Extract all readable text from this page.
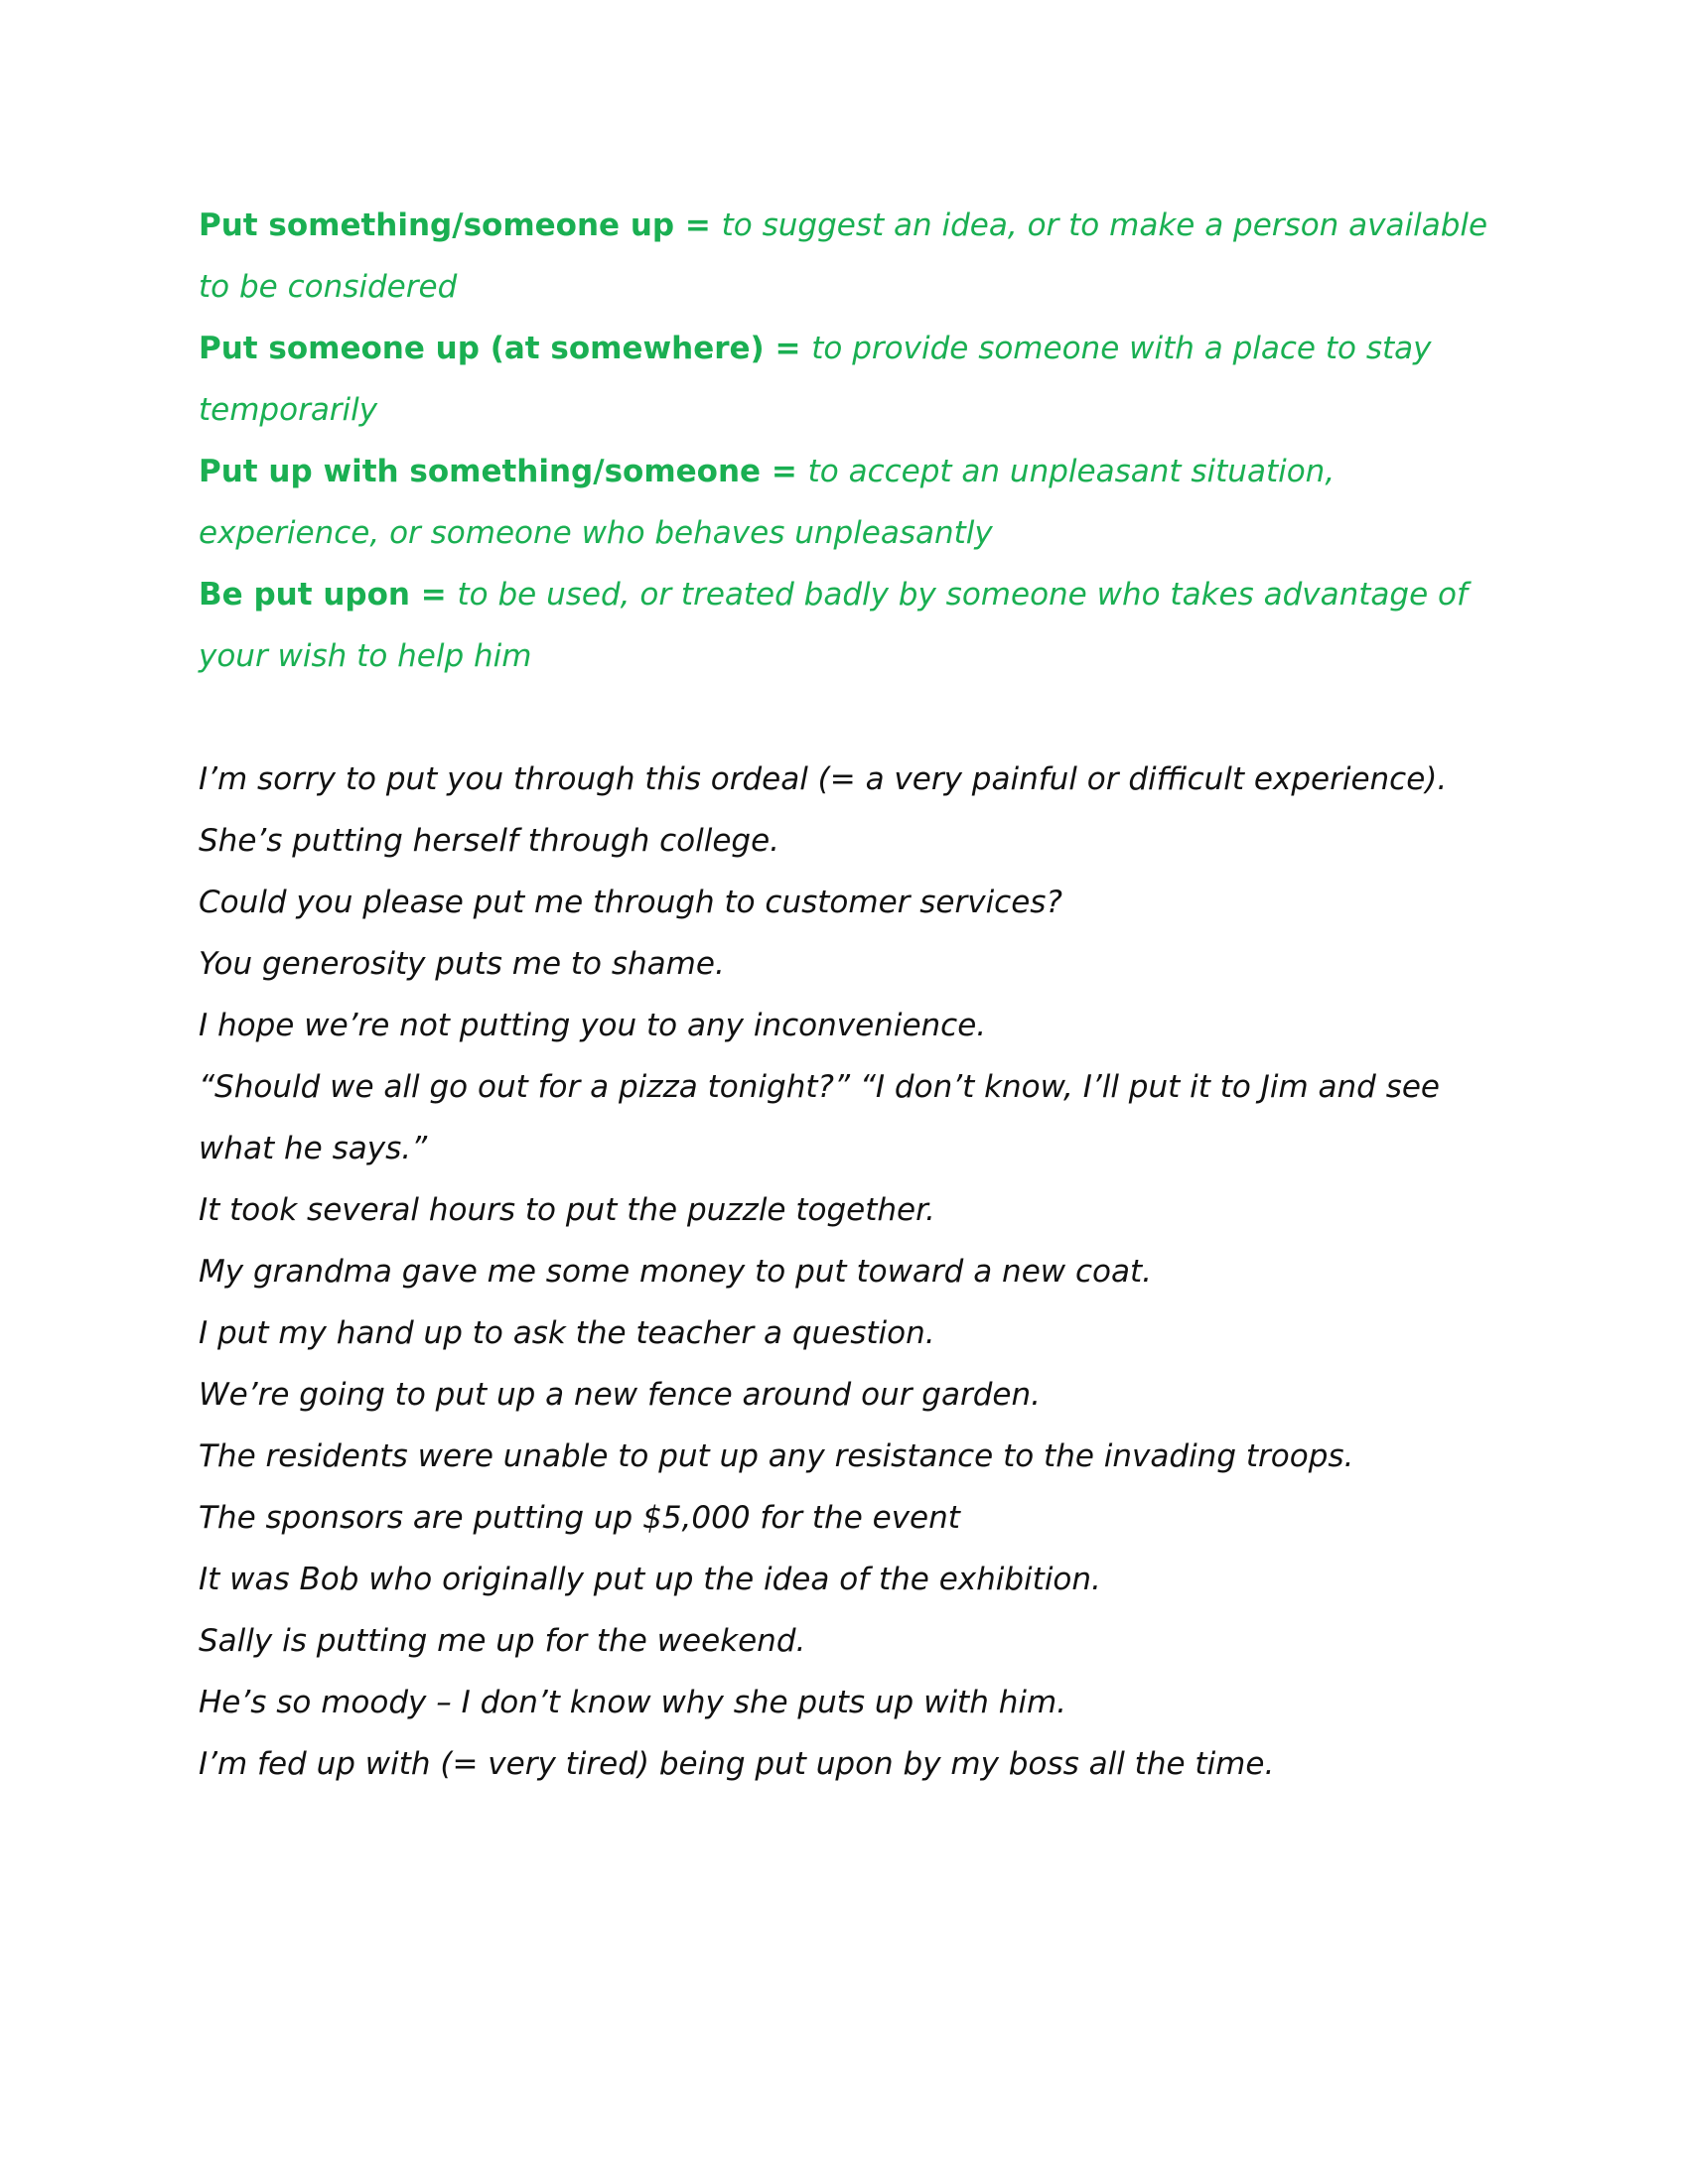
Put something/someone up = to suggest an idea, or to make a person available to be considered

Put someone up (at somewhere) = to provide someone with a place to stay temporarily

Put up with something/someone = to accept an unpleasant situation, experience, or someone who behaves unpleasantly

Be put upon = to be used, or treated badly by someone who takes advantage of your wish to help him

I’m sorry to put you through this ordeal (= a very painful or difficult experience).

She’s putting herself through college.

Could you please put me through to customer services?

You generosity puts me to shame.

I hope we’re not putting you to any inconvenience.

“Should we all go out for a pizza tonight?” “I don’t know, I’ll put it to Jim and see what he says.”

It took several hours to put the puzzle together.

My grandma gave me some money to put toward a new coat.

I put my hand up to ask the teacher a question.

We’re going to put up a new fence around our garden.

The residents were unable to put up any resistance to the invading troops.

The sponsors are putting up $5,000 for the event

It was Bob who originally put up the idea of the exhibition.

Sally is putting me up for the weekend.

He’s so moody – I don’t know why she puts up with him.

I’m fed up with (= very tired) being put upon by my boss all the time.
